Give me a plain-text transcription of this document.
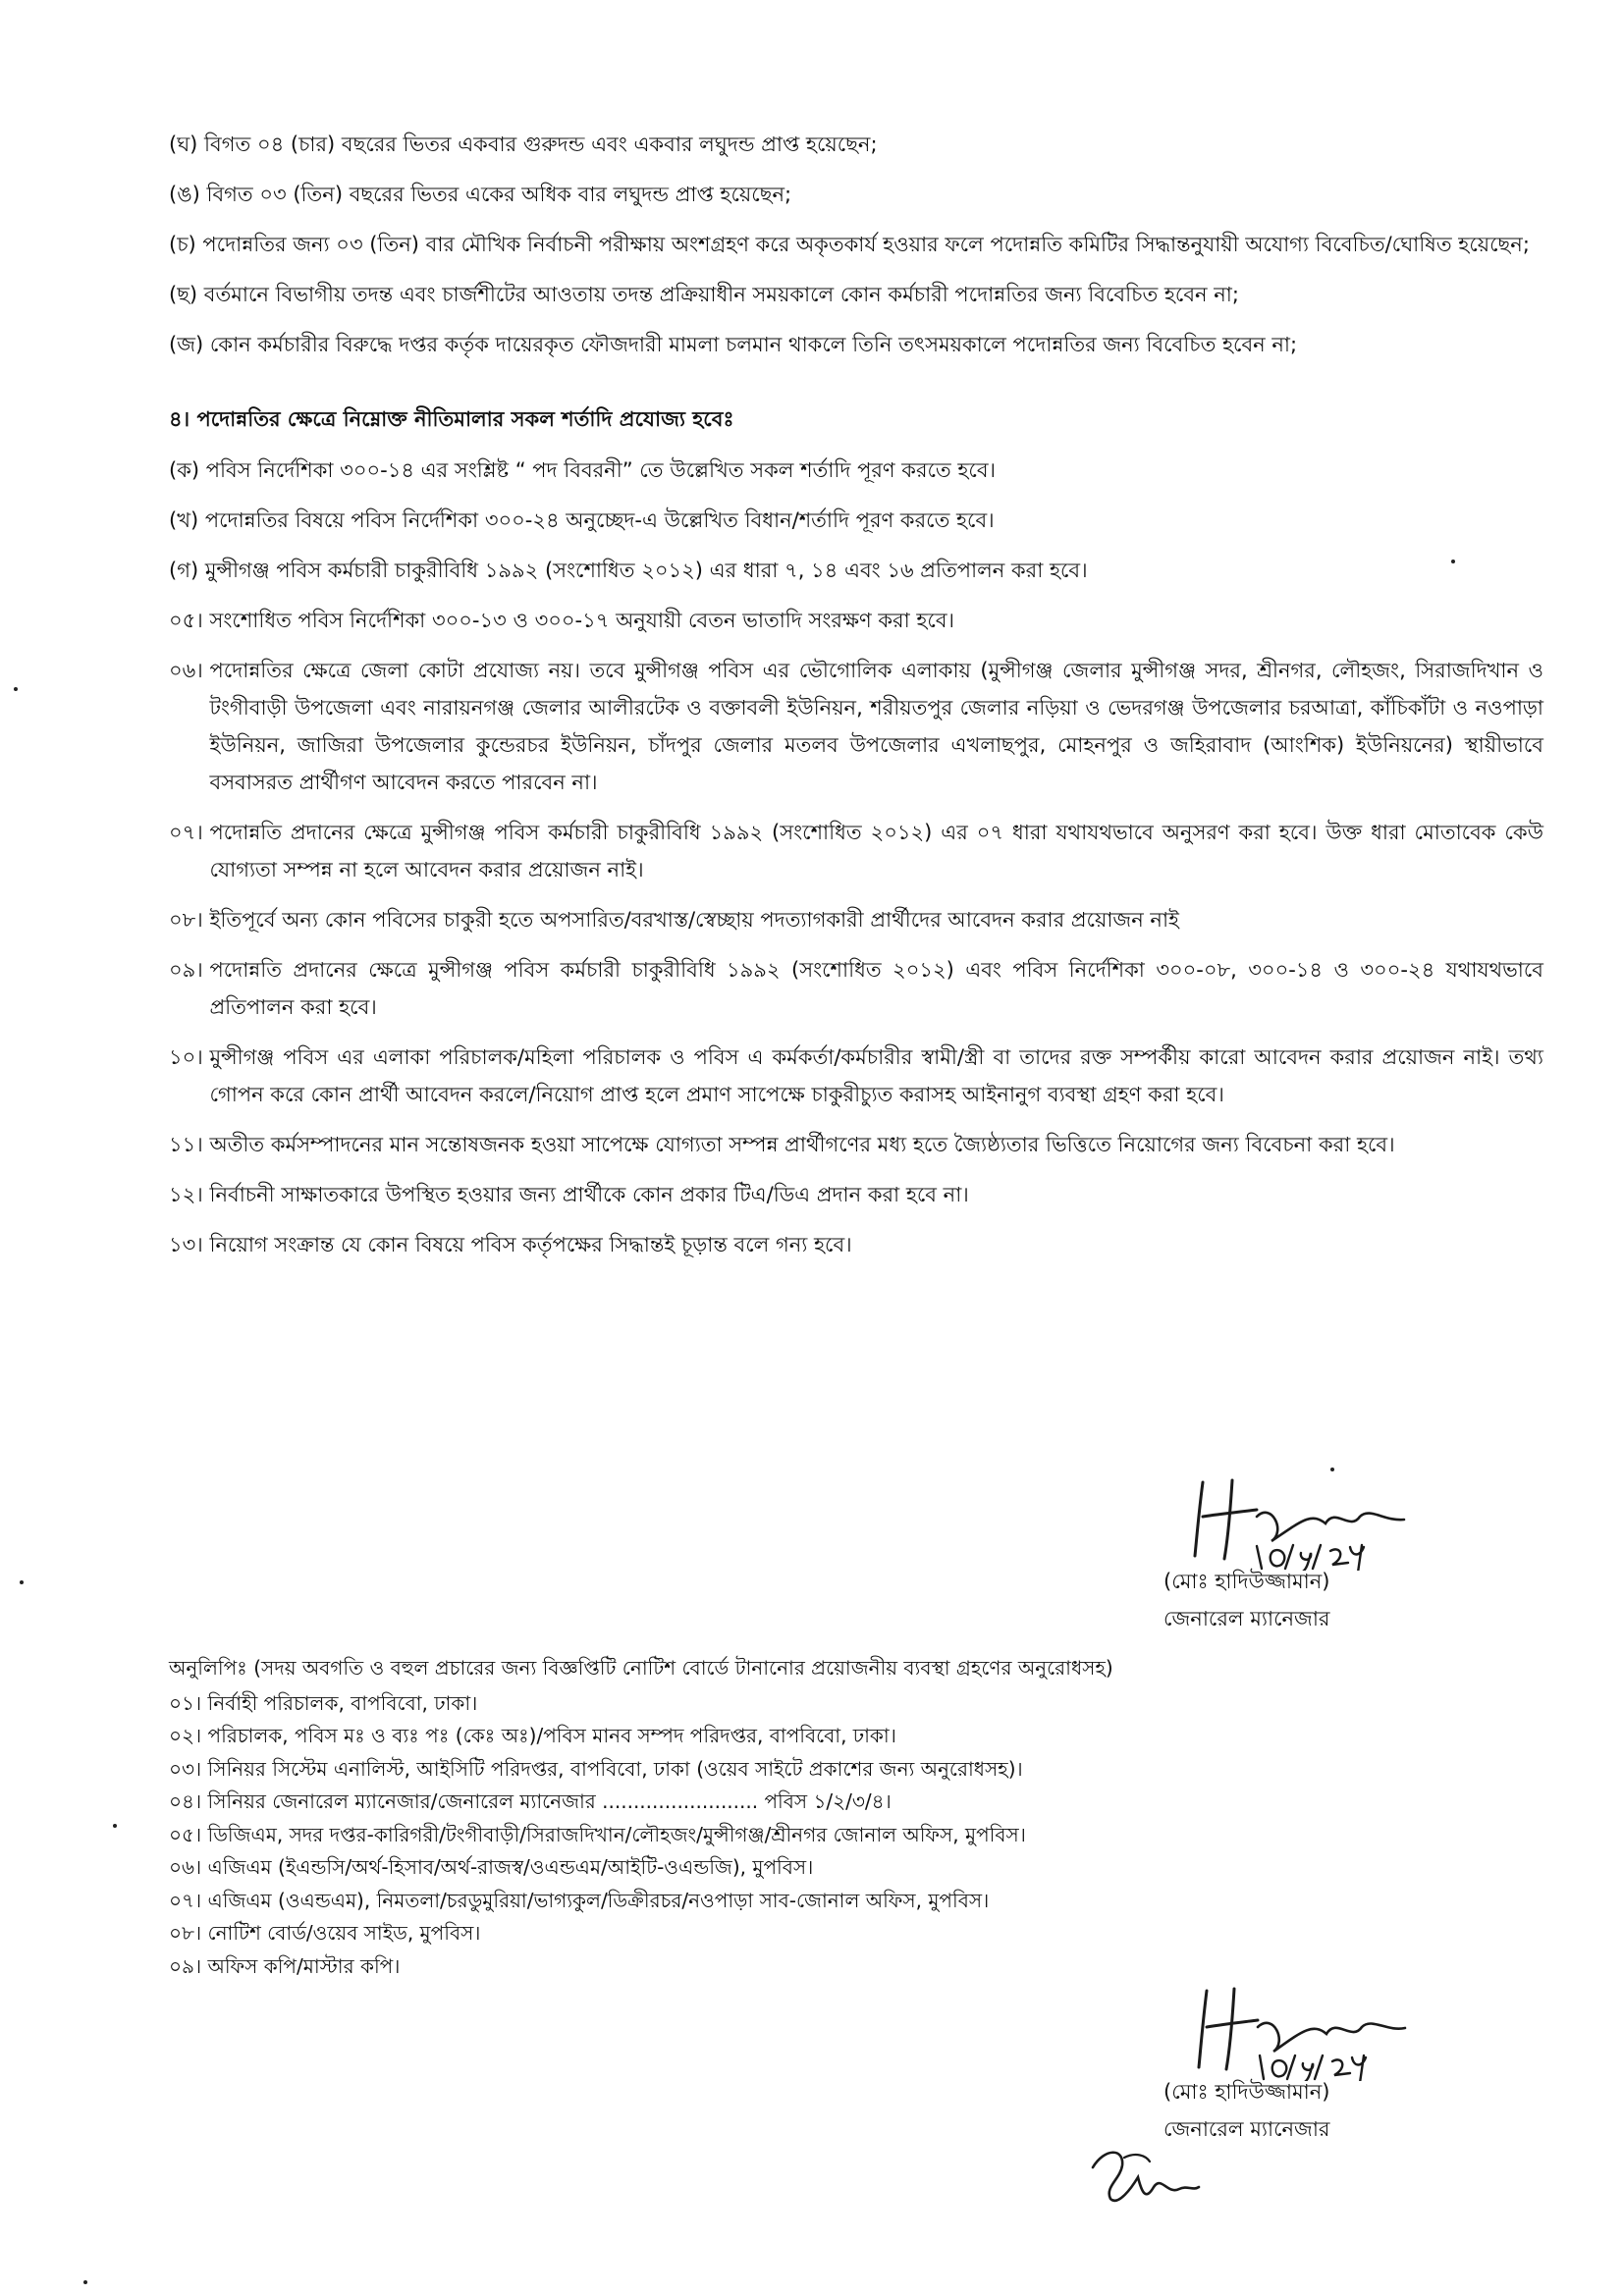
(ঘ) বিগত ০৪ (চার) বছরের ভিতর একবার গুরুদন্ড এবং একবার লঘুদন্ড প্রাপ্ত হয়েছেন;
(ঙ) বিগত ০৩ (তিন) বছরের ভিতর একের অধিক বার লঘুদন্ড প্রাপ্ত হয়েছেন;
(চ) পদোন্নতির জন্য ০৩ (তিন) বার মৌখিক নির্বাচনী পরীক্ষায় অংশগ্রহণ করে অকৃতকার্য হওয়ার ফলে পদোন্নতি কমিটির সিদ্ধান্তনুযায়ী অযোগ্য বিবেচিত/ঘোষিত হয়েছেন;
(ছ) বর্তমানে বিভাগীয় তদন্ত এবং চার্জশীটের আওতায় তদন্ত প্রক্রিয়াধীন সময়কালে কোন কর্মচারী পদোন্নতির জন্য বিবেচিত হবেন না;
(জ) কোন কর্মচারীর বিরুদ্ধে দপ্তর কর্তৃক দায়েরকৃত ফৌজদারী মামলা চলমান থাকলে তিনি তৎসময়কালে পদোন্নতির জন্য বিবেচিত হবেন না;
৪। পদোন্নতির ক্ষেত্রে নিম্নোক্ত নীতিমালার সকল শর্তাদি প্রযোজ্য হবেঃ
(ক) পবিস নির্দেশিকা ৩০০-১৪ এর সংশ্লিষ্ট “ পদ বিবরনী” তে উল্লেখিত সকল শর্তাদি পূরণ করতে হবে।
(খ) পদোন্নতির বিষয়ে পবিস নির্দেশিকা ৩০০-২৪ অনুচ্ছেদ-এ উল্লেখিত বিধান/শর্তাদি পূরণ করতে হবে।
(গ) মুন্সীগঞ্জ পবিস কর্মচারী চাকুরীবিধি ১৯৯২ (সংশোধিত ২০১২) এর ধারা ৭, ১৪ এবং ১৬ প্রতিপালন করা হবে।
০৫। সংশোধিত পবিস নির্দেশিকা ৩০০-১৩ ও ৩০০-১৭ অনুযায়ী বেতন ভাতাদি সংরক্ষণ করা হবে।
০৬। পদোন্নতির ক্ষেত্রে জেলা কোটা প্রযোজ্য নয়। তবে মুন্সীগঞ্জ পবিস এর ভৌগোলিক এলাকায় (মুন্সীগঞ্জ জেলার মুন্সীগঞ্জ সদর, শ্রীনগর, লৌহজং, সিরাজদিখান ও টংগীবাড়ী উপজেলা এবং নারায়নগঞ্জ জেলার আলীরটেক ও বক্তাবলী ইউনিয়ন, শরীয়তপুর জেলার নড়িয়া ও ভেদরগঞ্জ উপজেলার চরআত্রা, কাঁচিকাঁটা ও নওপাড়া ইউনিয়ন, জাজিরা উপজেলার কুন্ডেরচর ইউনিয়ন, চাঁদপুর জেলার মতলব উপজেলার এখলাছপুর, মোহনপুর ও জহিরাবাদ (আংশিক) ইউনিয়নের) স্থায়ীভাবে বসবাসরত প্রার্থীগণ আবেদন করতে পারবেন না।
০৭। পদোন্নতি প্রদানের ক্ষেত্রে মুন্সীগঞ্জ পবিস কর্মচারী চাকুরীবিধি ১৯৯২ (সংশোধিত ২০১২) এর ০৭ ধারা যথাযথভাবে অনুসরণ করা হবে। উক্ত ধারা মোতাবেক কেউ যোগ্যতা সম্পন্ন না হলে আবেদন করার প্রয়োজন নাই।
০৮। ইতিপূর্বে অন্য কোন পবিসের চাকুরী হতে অপসারিত/বরখাস্ত/স্বেচ্ছায় পদত্যাগকারী প্রার্থীদের আবেদন করার প্রয়োজন নাই
০৯। পদোন্নতি প্রদানের ক্ষেত্রে মুন্সীগঞ্জ পবিস কর্মচারী চাকুরীবিধি ১৯৯২ (সংশোধিত ২০১২) এবং পবিস নির্দেশিকা ৩০০-০৮, ৩০০-১৪ ও ৩০০-২৪ যথাযথভাবে প্রতিপালন করা হবে।
১০। মুন্সীগঞ্জ পবিস এর এলাকা পরিচালক/মহিলা পরিচালক ও পবিস এ কর্মকর্তা/কর্মচারীর স্বামী/স্ত্রী বা তাদের রক্ত সম্পর্কীয় কারো আবেদন করার প্রয়োজন নাই। তথ্য গোপন করে কোন প্রার্থী আবেদন করলে/নিয়োগ প্রাপ্ত হলে প্রমাণ সাপেক্ষে চাকুরীচ্যুত করাসহ আইনানুগ ব্যবস্থা গ্রহণ করা হবে।
১১। অতীত কর্মসম্পাদনের মান সন্তোষজনক হওয়া সাপেক্ষে যোগ্যতা সম্পন্ন প্রার্থীগণের মধ্য হতে জ্যৈষ্ঠ্যতার ভিত্তিতে নিয়োগের জন্য বিবেচনা করা হবে।
১২। নির্বাচনী সাক্ষাতকারে উপস্থিত হওয়ার জন্য প্রার্থীকে কোন প্রকার টিএ/ডিএ প্রদান করা হবে না।
১৩। নিয়োগ সংক্রান্ত যে কোন বিষয়ে পবিস কর্তৃপক্ষের সিদ্ধান্তই চূড়ান্ত বলে গন্য হবে।
(মোঃ হাদিউজ্জামান)
জেনারেল ম্যানেজার
অনুলিপিঃ (সদয় অবগতি ও বহুল প্রচারের জন্য বিজ্ঞপ্তিটি নোটিশ বোর্ডে টানানোর প্রয়োজনীয় ব্যবস্থা গ্রহণের অনুরোধসহ)
০১। নির্বাহী পরিচালক, বাপবিবো, ঢাকা।
০২। পরিচালক, পবিস মঃ ও ব্যঃ পঃ (কেঃ অঃ)/পবিস মানব সম্পদ পরিদপ্তর, বাপবিবো, ঢাকা।
০৩। সিনিয়র সিস্টেম এনালিস্ট, আইসিটি পরিদপ্তর, বাপবিবো, ঢাকা (ওয়েব সাইটে প্রকাশের জন্য অনুরোধসহ)।
০৪। সিনিয়র জেনারেল ম্যানেজার/জেনারেল ম্যানেজার ......................... পবিস ১/২/৩/৪।
০৫। ডিজিএম, সদর দপ্তর-কারিগরী/টংগীবাড়ী/সিরাজদিখান/লৌহজং/মুন্সীগঞ্জ/শ্রীনগর জোনাল অফিস, মুপবিস।
০৬। এজিএম (ইএন্ডসি/অর্থ-হিসাব/অর্থ-রাজস্ব/ওএন্ডএম/আইটি-ওএন্ডজি), মুপবিস।
০৭। এজিএম (ওএন্ডএম), নিমতলা/চরডুমুরিয়া/ভাগ্যকুল/ডিক্রীরচর/নওপাড়া সাব-জোনাল অফিস, মুপবিস।
০৮। নোটিশ বোর্ড/ওয়েব সাইড, মুপবিস।
০৯। অফিস কপি/মাস্টার কপি।
(মোঃ হাদিউজ্জামান)
জেনারেল ম্যানেজার
